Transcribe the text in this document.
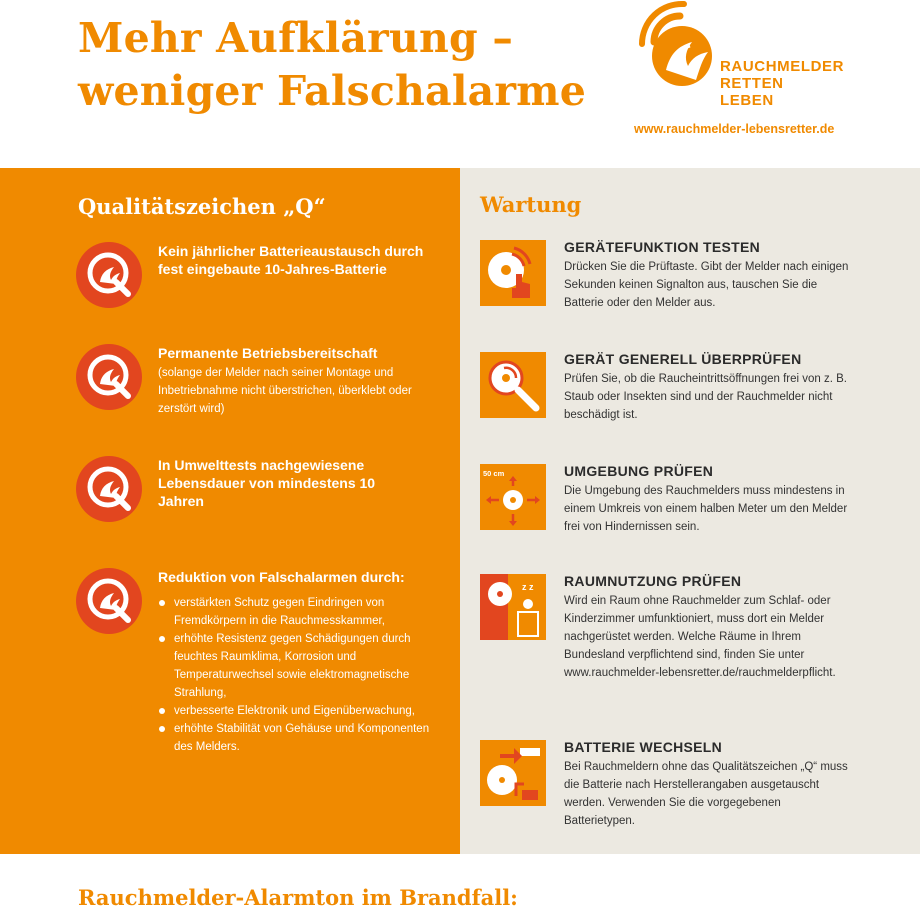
Mehr Aufklärung –
weniger Falschalarme
RAUCHMELDER
RETTEN
LEBEN
www.rauchmelder-lebensretter.de
Qualitätszeichen „Q“
Kein jährlicher Batterieaustausch durch fest eingebaute 10-Jahres-Batterie
Permanente Betriebsbereitschaft
(solange der Melder nach seiner Montage und Inbetriebnahme nicht überstrichen, überklebt oder zerstört wird)
In Umwelttests nachgewiesene Lebensdauer von mindestens 10 Jahren
Reduktion von Falschalarmen durch:
verstärkten Schutz gegen Eindringen von Fremdkörpern in die Rauchmesskammer,
erhöhte Resistenz gegen Schädigungen durch feuchtes Raumklima, Korrosion und Temperaturwechsel sowie elektromagnetische Strahlung,
verbesserte Elektronik und Eigenüberwachung,
erhöhte Stabilität von Gehäuse und Komponenten des Melders.
Wartung
GERÄTEFUNKTION TESTEN
Drücken Sie die Prüftaste. Gibt der Melder nach einigen Sekunden keinen Signalton aus, tauschen Sie die Batterie oder den Melder aus.
GERÄT GENERELL ÜBERPRÜFEN
Prüfen Sie, ob die Raucheintrittsöffnungen frei von z. B. Staub oder Insekten sind und der Rauchmelder nicht beschädigt ist.
50 cm	UMGEBUNG PRÜFEN
Die Umgebung des Rauchmelders muss mindestens in einem Umkreis von einem halben Meter um den Melder frei von Hindernissen sein.
z z RAUMNUTZUNG PRÜFEN
Wird ein Raum ohne Rauchmelder zum Schlaf- oder Kinderzimmer umfunktioniert, muss dort ein Melder nachgerüstet werden. Welche Räume in Ihrem Bundesland verpflichtend sind, finden Sie unter www.rauchmelder-lebensretter.de/rauchmelderpflicht.
BATTERIE WECHSELN
Bei Rauchmeldern ohne das Qualitätszeichen „Q“ muss die Batterie nach Herstellerangaben ausgetauscht werden. Verwenden Sie die vorgegebenen Batterietypen.
Rauchmelder-Alarmton im Brandfall:
